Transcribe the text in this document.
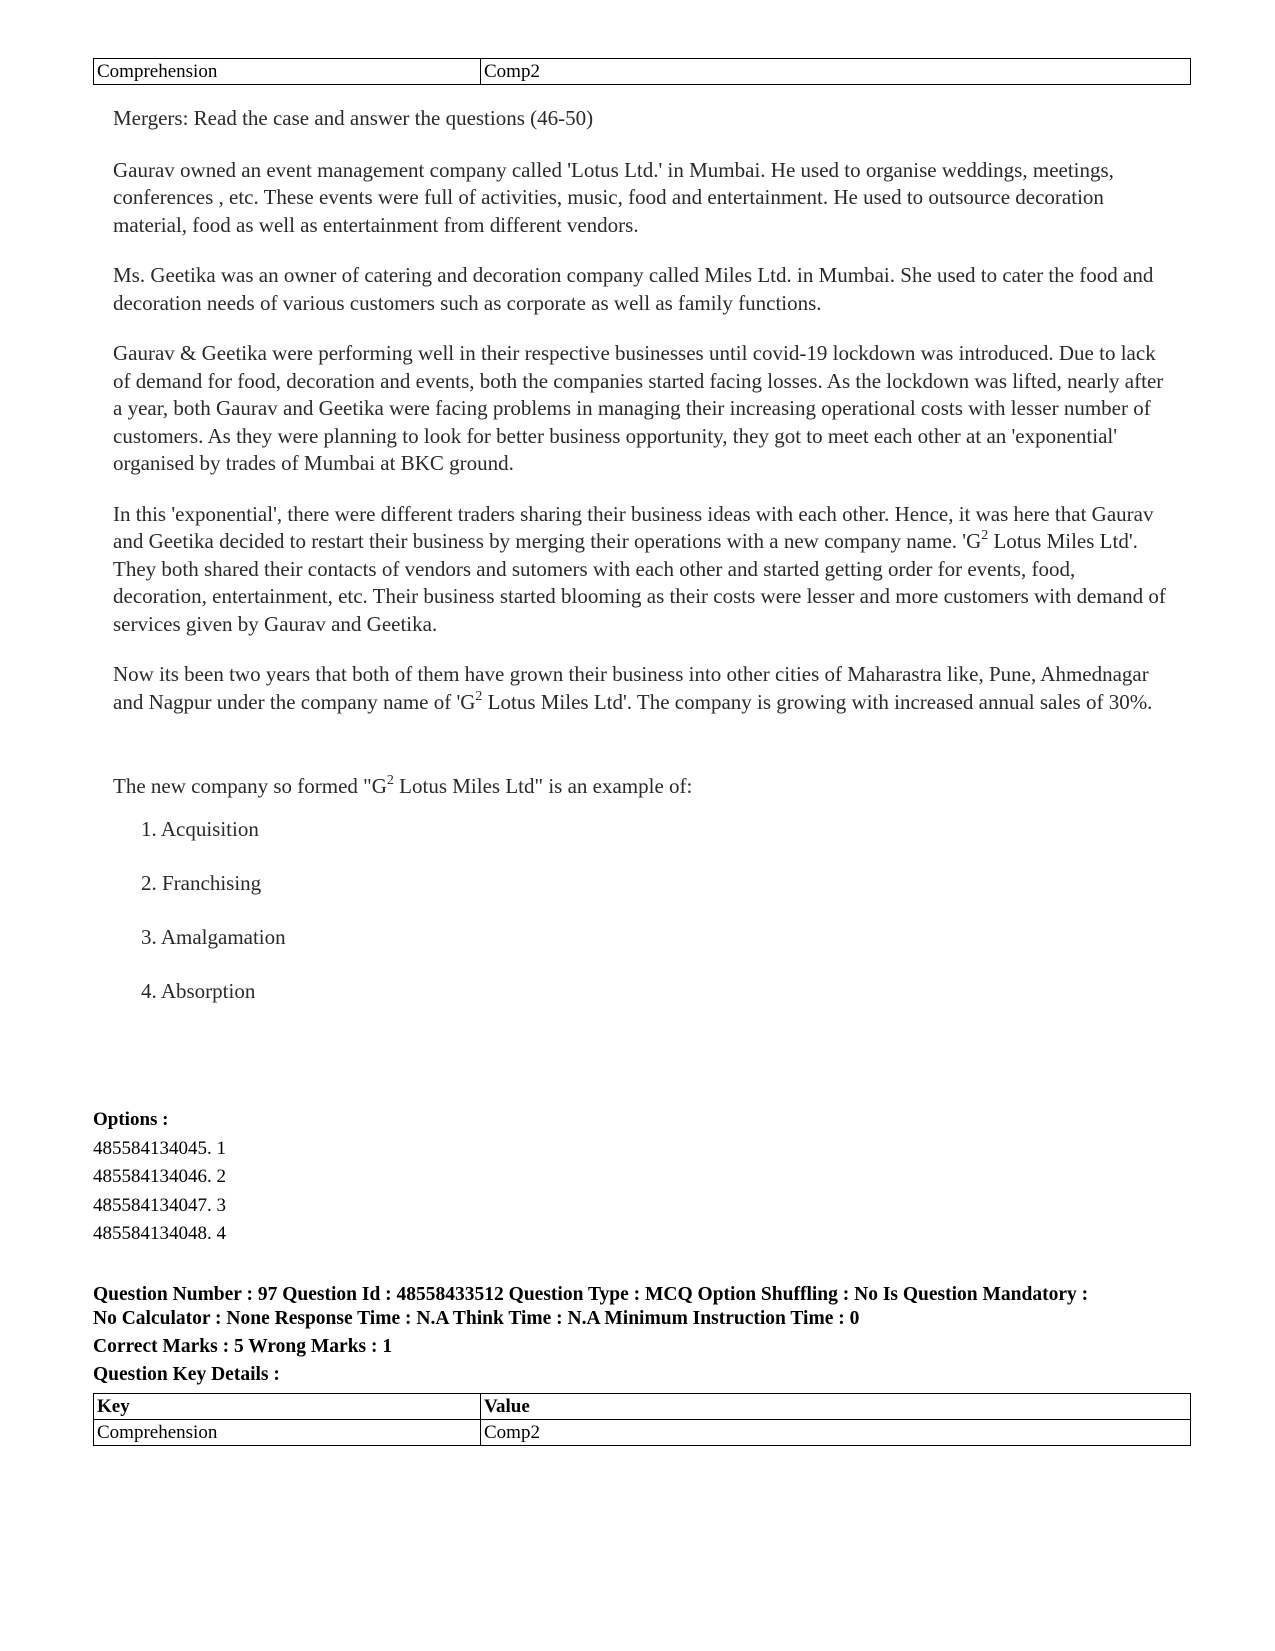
Comprehension	Comp2

Mergers: Read the case and answer the questions (46-50)

Gaurav owned an event management company called 'Lotus Ltd.' in Mumbai. He used to organise weddings, meetings, conferences , etc. These events were full of activities, music, food and entertainment. He used to outsource decoration material, food as well as entertainment from different vendors.

Ms. Geetika was an owner of catering and decoration company called Miles Ltd. in Mumbai. She used to cater the food and decoration needs of various customers such as corporate as well as family functions.

Gaurav & Geetika were performing well in their respective businesses until covid-19 lockdown was introduced. Due to lack of demand for food, decoration and events, both the companies started facing losses. As the lockdown was lifted, nearly after a year, both Gaurav and Geetika were facing problems in managing their increasing operational costs with lesser number of customers. As they were planning to look for better business opportunity, they got to meet each other at an 'exponential' organised by trades of Mumbai at BKC ground.

In this 'exponential', there were different traders sharing their business ideas with each other. Hence, it was here that Gaurav and Geetika decided to restart their business by merging their operations with a new company name. '$G^2$ Lotus Miles Ltd'. They both shared their contacts of vendors and sutomers with each other and started getting order for events, food, decoration, entertainment, etc. Their business started blooming as their costs were lesser and more customers with demand of services given by Gaurav and Geetika.

Now its been two years that both of them have grown their business into other cities of Maharastra like, Pune, Ahmednagar and Nagpur under the company name of '$G^2$ Lotus Miles Ltd'. The company is growing with increased annual sales of 30%.

The new company so formed "$G^2$ Lotus Miles Ltd" is an example of:

1. Acquisition
2. Franchising
3. Amalgamation
4. Absorption
Options :
485584134045. 1
485584134046. 2
485584134047. 3
485584134048. 4
Question Number : 97 Question Id : 48558433512 Question Type : MCQ Option Shuffling : No Is Question Mandatory :
No Calculator : None Response Time : N.A Think Time : N.A Minimum Instruction Time : 0
Correct Marks : 5 Wrong Marks : 1
Question Key Details :
Key	Value
Comprehension	Comp2
